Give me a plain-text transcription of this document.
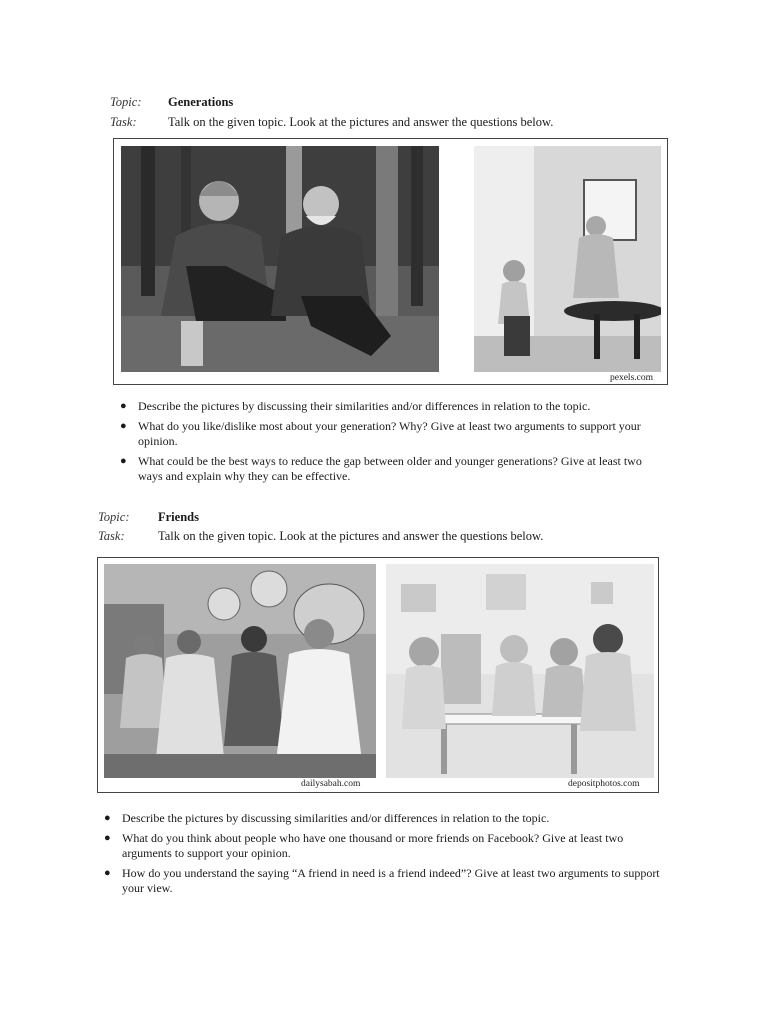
Topic: Generations
Task:	Talk on the given topic. Look at the pictures and answer the questions below.
pexels.com
● Describe the pictures by discussing their similarities and/or differences in relation to the topic.
● What do you like/dislike most about your generation? Why? Give at least two arguments to support your opinion.
● What could be the best ways to reduce the gap between older and younger generations? Give at least two ways and explain why they can be effective.
Topic: Friends
Task:	Talk on the given topic. Look at the pictures and answer the questions below.
dailysabah.com	depositphotos.com
● Describe the pictures by discussing similarities and/or differences in relation to the topic.
● What do you think about people who have one thousand or more friends on Facebook? Give at least two arguments to support your opinion.
● How do you understand the saying “A friend in need is a friend indeed”? Give at least two arguments to support your view.
